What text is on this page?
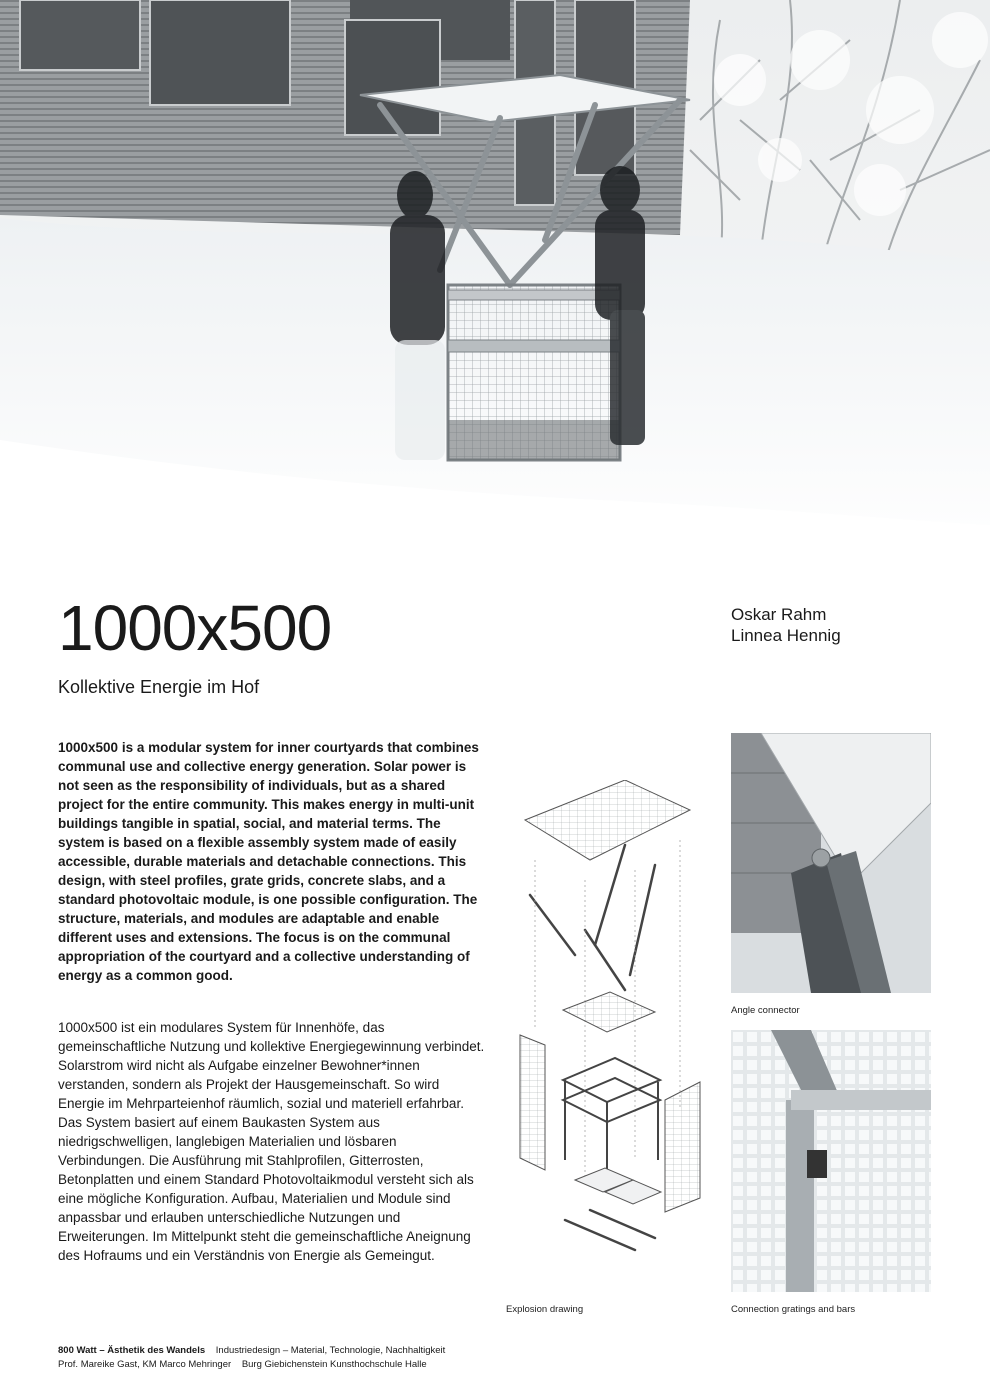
1000x500

Kollektive Energie im Hof

Oskar Rahm
Linnea Hennig

1000x500 is a modular system for inner courtyards that combines communal use and collective energy generation. Solar power is not seen as the responsibility of individuals, but as a shared project for the entire community. This makes energy in multi-unit buildings tangible in spatial, social, and material terms. The system is based on a flexible assembly system made of easily accessible, durable materials and detachable connections. This design, with steel profiles, grate grids, concrete slabs, and a standard photovoltaic module, is one possible configuration. The structure, materials, and modules are adaptable and enable different uses and extensions. The focus is on the communal appropriation of the courtyard and a collective understanding of energy as a common good.

1000x500 ist ein modulares System für Innenhöfe, das gemeinschaftliche Nutzung und kollektive Energiegewinnung verbindet. Solarstrom wird nicht als Aufgabe einzelner Bewohner*innen verstanden, sondern als Projekt der Hausgemeinschaft. So wird Energie im Mehrparteienhof räumlich, sozial und materiell erfahrbar. Das System basiert auf einem Baukasten System aus niedrigschwelligen, langlebigen Materialien und lösbaren Verbindungen. Die Ausführung mit Stahlprofilen, Gitterrosten, Betonplatten und einem Standard Photovoltaikmodul versteht sich als eine mögliche Konfiguration. Aufbau, Materialien und Module sind anpassbar und erlauben unterschiedliche Nutzungen und Erweiterungen. Im Mittelpunkt steht die gemeinschaftliche Aneignung des Hofraums und ein Verständnis von Energie als Gemeingut.

Explosion drawing
Angle connector
Connection gratings and bars
800 Watt – Ästhetik des Wandels Industriedesign – Material, Technologie, Nachhaltigkeit
Prof. Mareike Gast, KM Marco Mehringer Burg Giebichenstein Kunsthochschule Halle
